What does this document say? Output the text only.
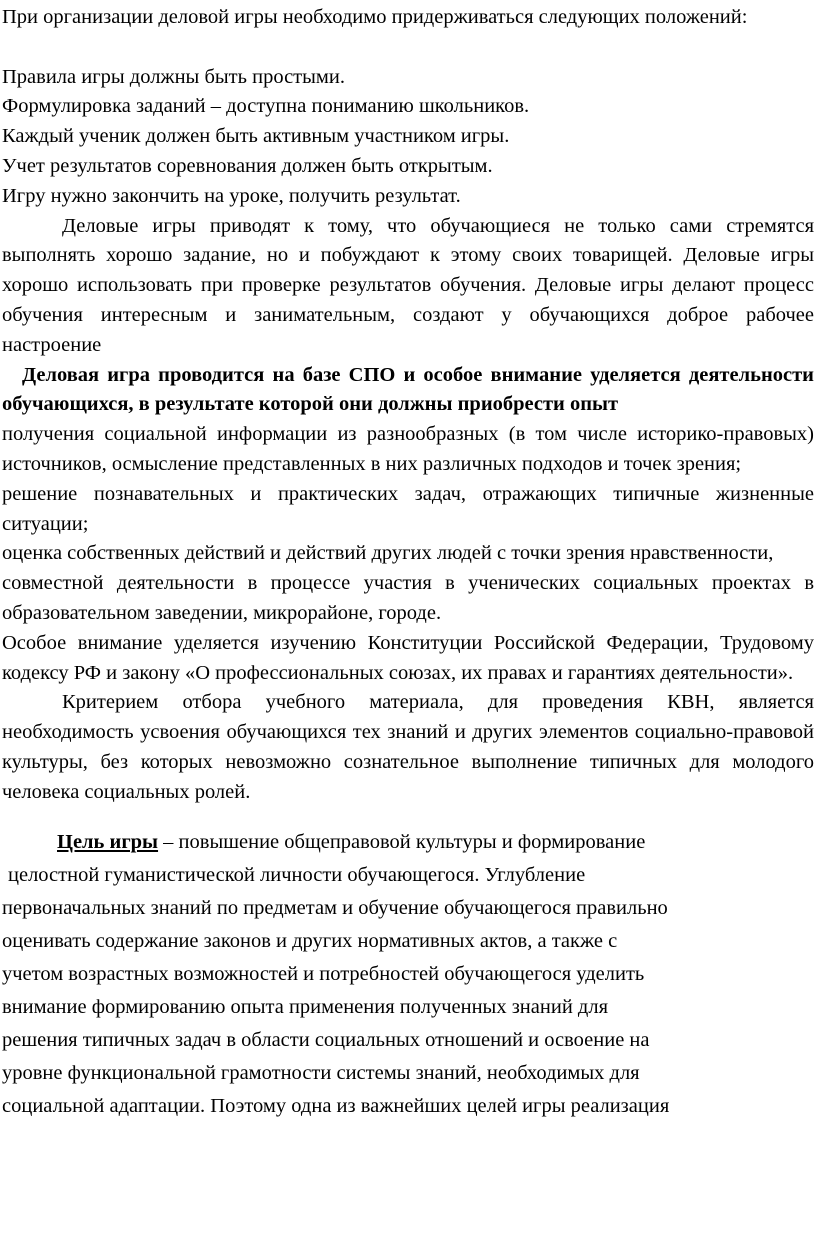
При организации деловой игры необходимо придерживаться следующих положений:

Правила игры должны быть простыми.

Формулировка заданий – доступна пониманию школьников.

Каждый ученик должен быть активным участником игры.

Учет результатов соревнования должен быть открытым.

Игру нужно закончить на уроке, получить результат.

Деловые игры приводят к тому, что обучающиеся не только сами стремятся выполнять хорошо задание, но и побуждают к этому своих товарищей. Деловые игры хорошо использовать при проверке результатов обучения. Деловые игры делают процесс обучения интересным и занимательным, создают у обучающихся доброе рабочее настроение

Деловая игра проводится на базе СПО и особое внимание уделяется деятельности обучающихся, в результате которой они должны приобрести опыт

получения социальной информации из разнообразных (в том числе историко-правовых) источников, осмысление представленных в них различных подходов и точек зрения;

решение познавательных и практических задач, отражающих типичные жизненные ситуации;

оценка собственных действий и действий других людей с точки зрения нравственности,

совместной деятельности в процессе участия в ученических социальных проектах в образовательном заведении, микрорайоне, городе.

Особое внимание уделяется изучению Конституции Российской Федерации, Трудовому кодексу РФ и закону «О профессиональных союзах, их правах и гарантиях деятельности».

Критерием отбора учебного материала, для проведения КВН, является необходимость усвоения обучающихся тех знаний и других элементов социально-правовой культуры, без которых невозможно сознательное выполнение типичных для молодого человека социальных ролей.

Цель игры – повышение общеправовой культуры и формирование
целостной гуманистической личности обучающегося. Углубление
первоначальных знаний по предметам и обучение обучающегося правильно
оценивать содержание законов и других нормативных актов, а также с
учетом возрастных возможностей и потребностей обучающегося уделить
внимание формированию опыта применения полученных знаний для
решения типичных задач в области социальных отношений и освоение на
уровне функциональной грамотности системы знаний, необходимых для
социальной адаптации. Поэтому одна из важнейших целей игры реализация
